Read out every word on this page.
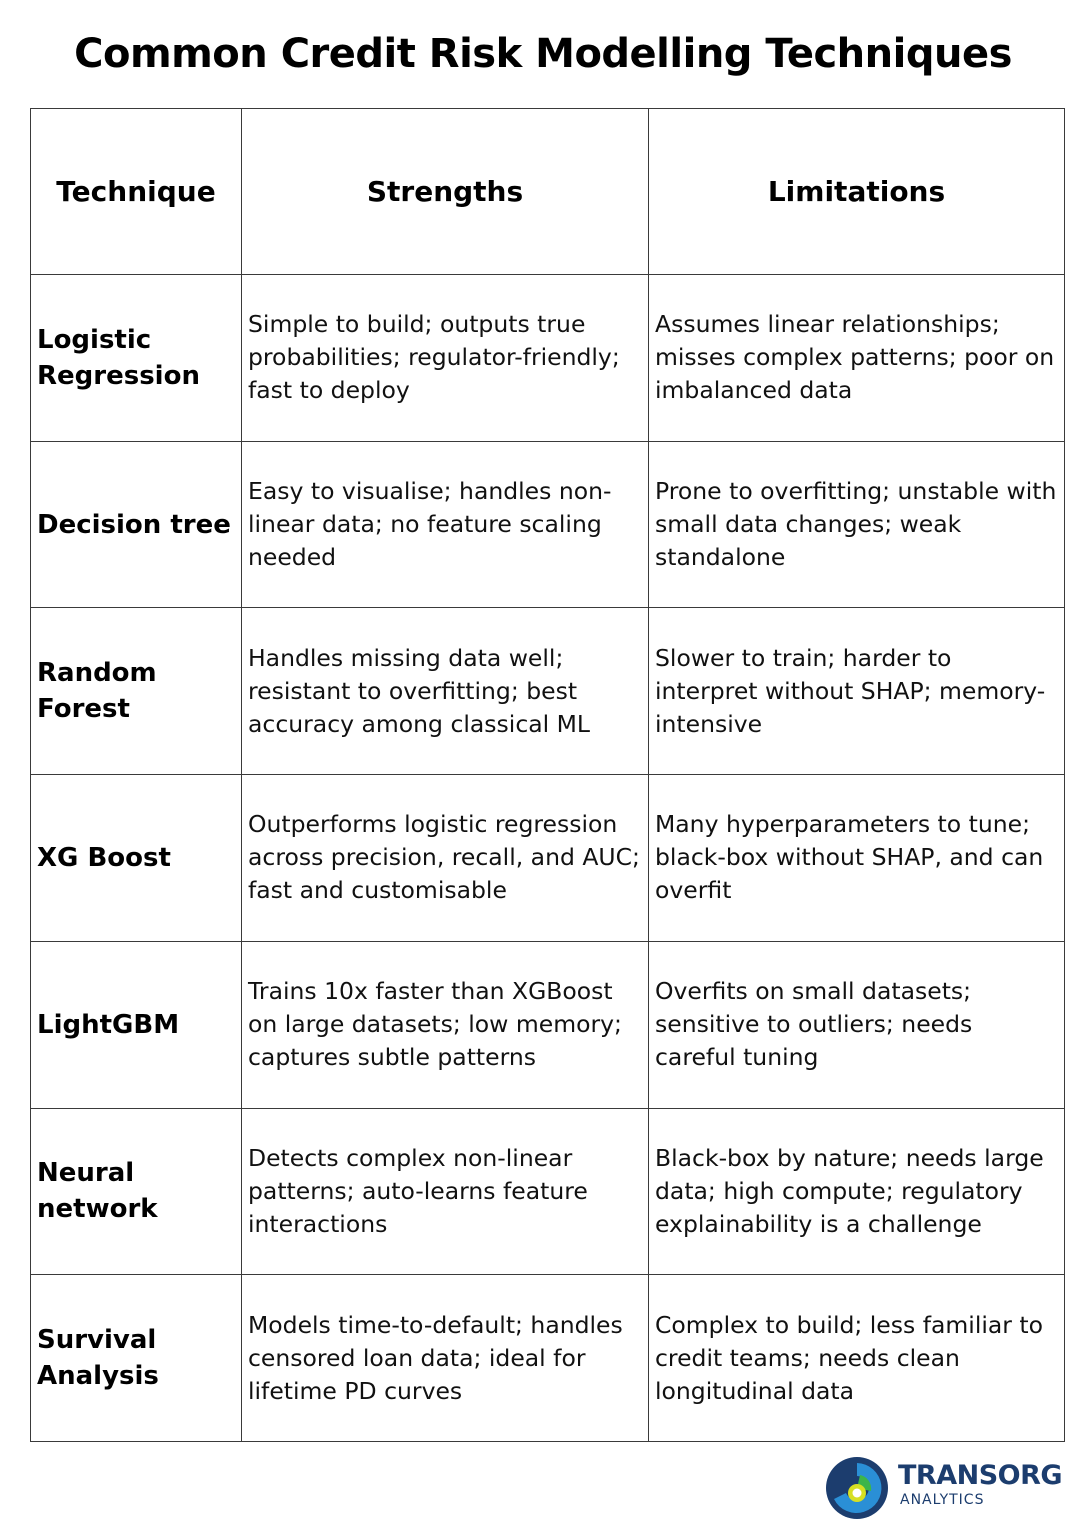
Common Credit Risk Modelling Techniques
Technique	Strengths	Limitations
Logistic Regression	Simple to build; outputs true probabilities; regulator-friendly; fast to deploy	Assumes linear relationships; misses complex patterns; poor on imbalanced data
Decision tree	Easy to visualise; handles non-linear data; no feature scaling needed	Prone to overfitting; unstable with small data changes; weak standalone
Random Forest	Handles missing data well; resistant to overfitting; best accuracy among classical ML	Slower to train; harder to interpret without SHAP; memory-intensive
XG Boost	Outperforms logistic regression across precision, recall, and AUC; fast and customisable	Many hyperparameters to tune; black-box without SHAP, and can overfit
LightGBM	Trains 10x faster than XGBoost on large datasets; low memory; captures subtle patterns	Overfits on small datasets; sensitive to outliers; needs careful tuning
Neural network	Detects complex non-linear patterns; auto-learns feature interactions	Black-box by nature; needs large data; high compute; regulatory explainability is a challenge
Survival Analysis	Models time-to-default; handles censored loan data; ideal for lifetime PD curves	Complex to build; less familiar to credit teams; needs clean longitudinal data
TRANSORG
ANALYTICS
